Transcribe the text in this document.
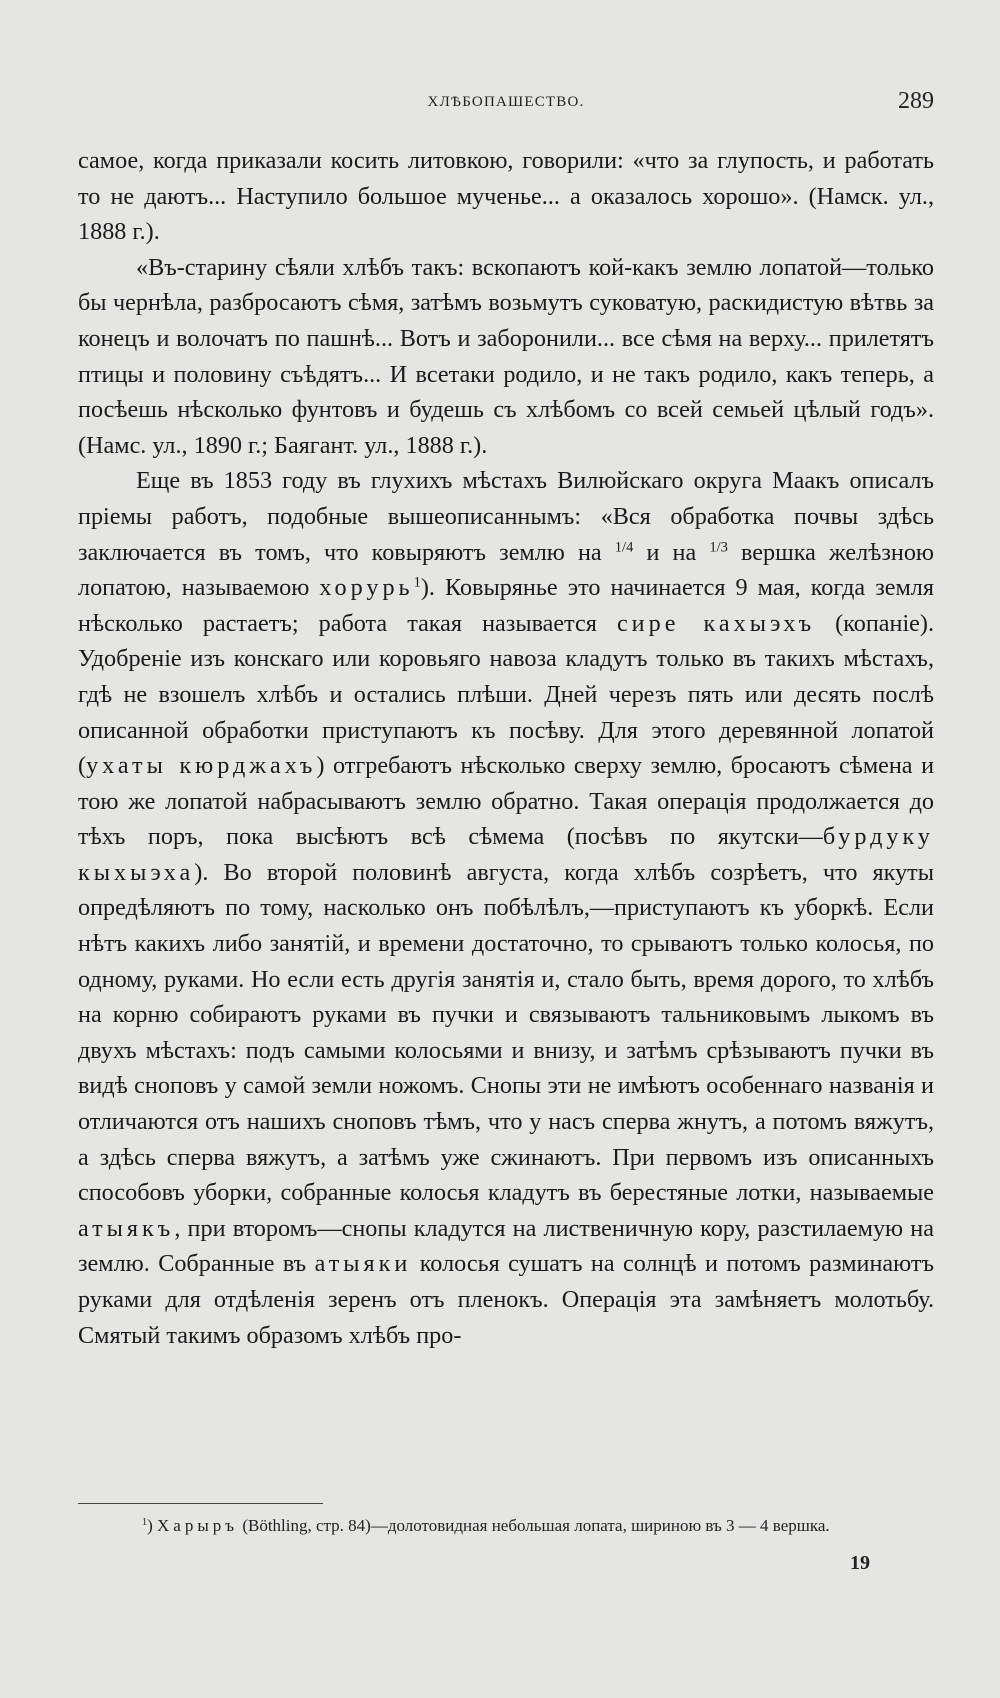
ХЛѢБОПАШЕСТВО.	289

самое, когда приказали косить литовкою, говорили: «что за глупость, и работать то не даютъ... Наступило большое мученье... а оказалось хорошо». (Намск. ул., 1888 г.).

«Въ-старину сѣяли хлѣбъ такъ: вскопаютъ кой-какъ землю лопатой—только бы чернѣла, разбросаютъ сѣмя, затѣмъ возьмутъ суковатую, раскидистую вѣтвь за конецъ и волочатъ по пашнѣ... Вотъ и заборонили... все сѣмя на верху... прилетятъ птицы и половину съѣдятъ... И всетаки родило, и не такъ родило, какъ теперь, а посѣешь нѣсколько фунтовъ и будешь съ хлѣбомъ со всей семьей цѣлый годъ». (Намс. ул., 1890 г.; Баягант. ул., 1888 г.).

Еще въ 1853 году въ глухихъ мѣстахъ Вилюйскаго округа Маакъ описалъ пріемы работъ, подобные вышеописаннымъ: «Вся обработка почвы здѣсь заключается въ томъ, что ковыряютъ землю на $^{1/4}$ и на $^{1/3}$ вершка желѣзною лопатою, называемою хорурь$^1$). Ковырянье это начинается 9 мая, когда земля нѣсколько растаетъ; работа такая называется сире кахыэхъ (копаніе). Удобреніе изъ конскаго или коровьяго навоза кладутъ только въ такихъ мѣстахъ, гдѣ не взошелъ хлѣбъ и остались плѣши. Дней черезъ пять или десять послѣ описанной обработки приступаютъ къ посѣву. Для этого деревянной лопатой (ухаты кюрджахъ) отгребаютъ нѣсколько сверху землю, бросаютъ сѣмена и тою же лопатой набрасываютъ землю обратно. Такая операція продолжается до тѣхъ поръ, пока высѣютъ всѣ сѣмема (посѣвъ по якутски—бурдуку кыхыэха). Во второй половинѣ августа, когда хлѣбъ созрѣетъ, что якуты опредѣляютъ по тому, насколько онъ побѣлѣлъ,—приступаютъ къ уборкѣ. Если нѣтъ какихъ либо занятій, и времени достаточно, то срываютъ только колосья, по одному, руками. Но если есть другія занятія и, стало быть, время дорого, то хлѣбъ на корню собираютъ руками въ пучки и связываютъ тальниковымъ лыкомъ въ двухъ мѣстахъ: подъ самыми колосьями и внизу, и затѣмъ срѣзываютъ пучки въ видѣ сноповъ у самой земли ножомъ. Снопы эти не имѣютъ особеннаго названія и отличаются отъ нашихъ сноповъ тѣмъ, что у насъ сперва жнутъ, а потомъ вяжутъ, а здѣсь сперва вяжутъ, а затѣмъ уже сжинаютъ. При первомъ изъ описанныхъ способовъ уборки, собранные колосья кладутъ въ берестяные лотки, называемые атыякъ, при второмъ—снопы кладутся на лиственичную кору, разстилаемую на землю. Собранные въ атыяки колосья сушатъ на солнцѣ и потомъ разминаютъ руками для отдѣленія зеренъ отъ пленокъ. Операція эта замѣняетъ молотьбу. Смятый такимъ образомъ хлѣбъ про-

$^1$) Харыръ (Böthling, стр. 84)—долотовидная небольшая лопата, шириною въ 3 — 4 вершка.

19
